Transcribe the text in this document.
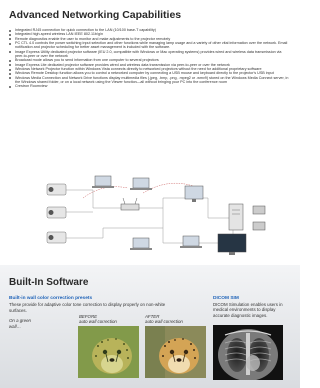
Advanced Networking Capabilities
Integrated RJ45 connection for quick connection to the LAN (10/100 base-T capability)
Integrated high-speed wireless LAN IEEE 802.11b/g/n
Remote diagnostics enable the user to monitor and make adjustments to the projector remotely
PC CTL 4.0 controls the power switching input selection and other functions while managing lamp usage and a variety of other vital information over the network. Email notification and projector scheduling for better asset management is included with the software.
Image Express Utility dedicated projector software (IEU 2.0, compatible with Windows or Mac operating systems) provides wired and wireless data transmission via peer-to-peer or over the network
Broadcast mode allows you to send information from one computer to several projectors
Image Express Lite dedicated projector software provides wired and wireless data transmission via peer-to-peer or over the network
Windows Network Projector function within Windows Vista connects directly to networked projectors without the need for additional proprietary software
Windows Remote Desktop function allows you to control a networked computer by connecting a USB mouse and keyboard directly to the projector's USB input
Windows Media Connection and Network Drive functions display multimedia files (.jpeg, .bmp, .png, .mpeg2 or .wmv9) stored on the Windows Media Connect server, in the Windows shared folder, or on a local network using the Viewer function—all without bringing your PC into the conference room
Crestron Roomview
Built-In Software
Built-in wall color correction presets
These provide for adaptive color tone correction to display properly on non-white surfaces.
On a green wall…
BEFORE
auto wall correction
AFTER
auto wall correction
DICOM SIM
DICOM Simulation enables users in medical environments to display accurate diagnostic images.
